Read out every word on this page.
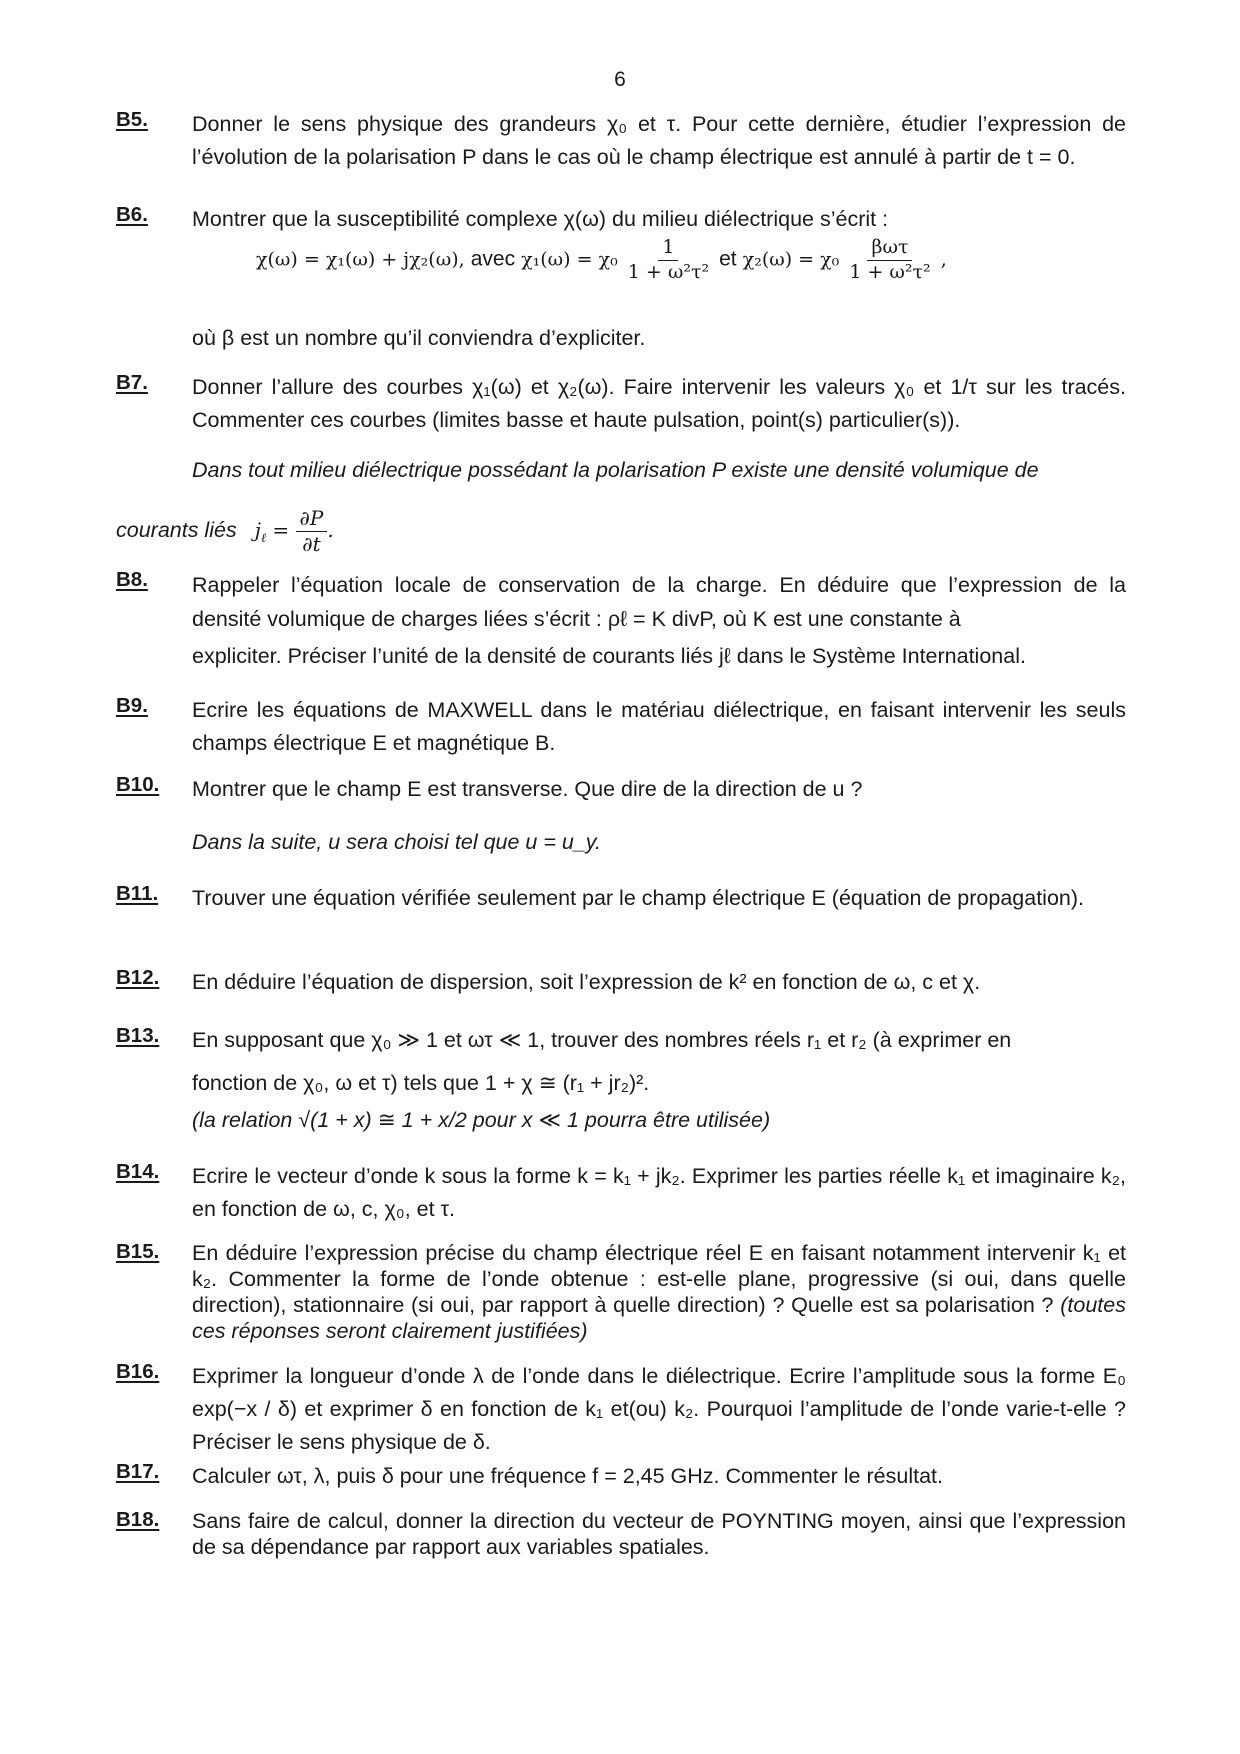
6
B5. Donner le sens physique des grandeurs χ₀ et τ. Pour cette dernière, étudier l’expression de l’évolution de la polarisation P dans le cas où le champ électrique est annulé à partir de t = 0.
B6. Montrer que la susceptibilité complexe χ(ω) du milieu diélectrique s’écrit :
χ(ω) = χ₁(ω) + jχ₂(ω), avec $\chi_1(\omega) = \chi_0 \frac{1}{\text{1 + ω²τ²}}$ et $\chi_2(\omega) = \chi_0 \frac{\text{βωτ}}{\text{1 + ω²τ²}}$ ,
où β est un nombre qu’il conviendra d’expliciter.
B7. Donner l’allure des courbes χ₁(ω) et χ₂(ω). Faire intervenir les valeurs χ₀ et 1/τ sur les tracés. Commenter ces courbes (limites basse et haute pulsation, point(s) particulier(s)).
Dans tout milieu diélectrique possédant la polarisation P existe une densité volumique de
courants liés $j_\ell = \frac{\partial P}{\partial t}$ .
B8. Rappeler l’équation locale de conservation de la charge. En déduire que l’expression de la densité volumique de charges liées s’écrit : ρℓ = K divP, où K est une constante à
expliciter. Préciser l’unité de la densité de courants liés jℓ dans le Système International.
B9. Ecrire les équations de MAXWELL dans le matériau diélectrique, en faisant intervenir les seuls champs électrique E et magnétique B.
B10. Montrer que le champ E est transverse. Que dire de la direction de u ?
Dans la suite, u sera choisi tel que u = u_y.
B11. Trouver une équation vérifiée seulement par le champ électrique E (équation de propagation).
B12. En déduire l’équation de dispersion, soit l’expression de k² en fonction de ω, c et χ.
B13. En supposant que χ₀ ≫ 1 et ωτ ≪ 1, trouver des nombres réels r₁ et r₂ (à exprimer en
fonction de χ₀, ω et τ) tels que 1 + χ ≅ (r₁ + jr₂)².
(la relation √(1 + x) ≅ 1 + x/2 pour x ≪ 1 pourra être utilisée)
B14. Ecrire le vecteur d’onde k sous la forme k = k₁ + jk₂. Exprimer les parties réelle k₁ et imaginaire k₂, en fonction de ω, c, χ₀, et τ.
B15. En déduire l’expression précise du champ électrique réel E en faisant notamment intervenir k₁ et k₂. Commenter la forme de l’onde obtenue : est-elle plane, progressive (si oui, dans quelle direction), stationnaire (si oui, par rapport à quelle direction) ? Quelle est sa polarisation ? (toutes ces réponses seront clairement justifiées)
B16. Exprimer la longueur d’onde λ de l’onde dans le diélectrique. Ecrire l’amplitude sous la forme E₀ exp(−x / δ) et exprimer δ en fonction de k₁ et(ou) k₂. Pourquoi l’amplitude de l’onde varie-t-elle ? Préciser le sens physique de δ.
B17. Calculer ωτ, λ, puis δ pour une fréquence f = 2,45 GHz. Commenter le résultat.
B18. Sans faire de calcul, donner la direction du vecteur de POYNTING moyen, ainsi que l’expression de sa dépendance par rapport aux variables spatiales.
